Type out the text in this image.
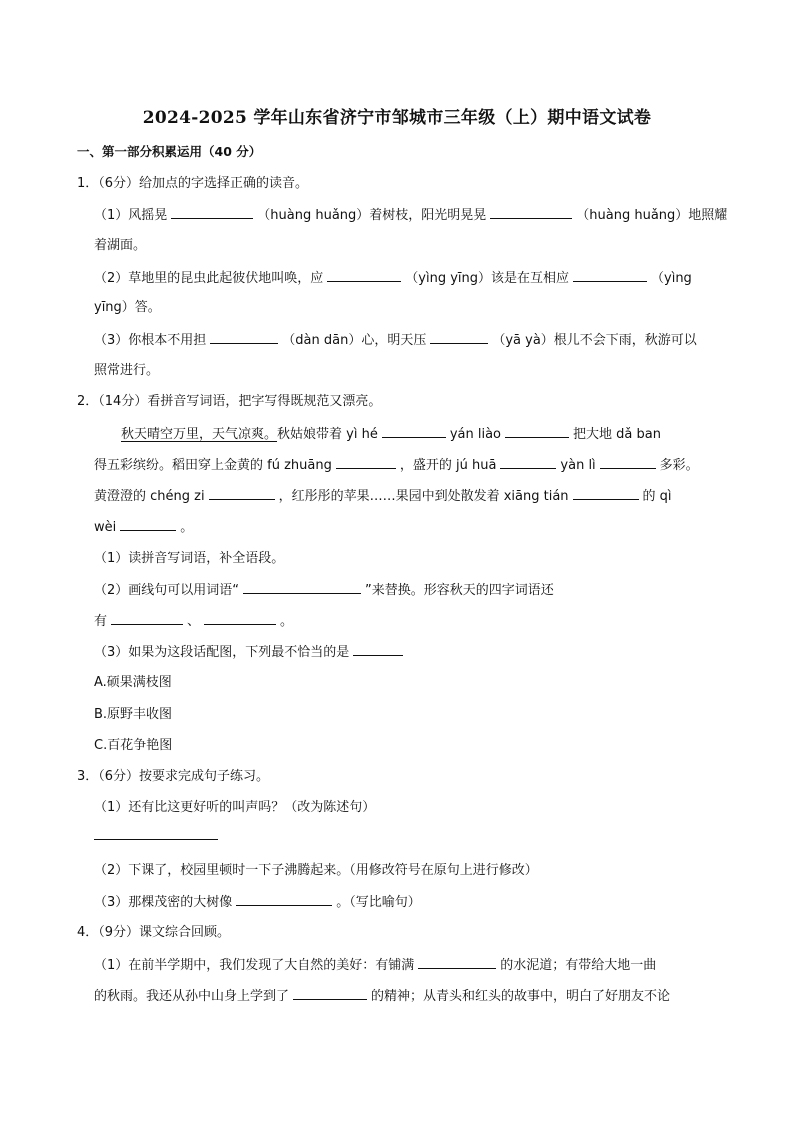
2024-2025 学年山东省济宁市邹城市三年级（上）期中语文试卷
一、第一部分积累运用（40 分）
1．（6分）给加点的字选择正确的读音。
（1）风摇晃	（huàng huǎng）着树枝，阳光明晃晃	（huàng huǎng）地照耀
着湖面。
（2）草地里的昆虫此起彼伏地叫唤，应	（yìng yīng）该是在互相应	（yìng
yīng）答。
（3）你根本不用担	（dàn dān）心，明天压	（yā yà）根儿不会下雨，秋游可以
照常进行。
2．（14分）看拼音写词语，把字写得既规范又漂亮。
秋天晴空万里，天气凉爽。秋姑娘带着 yì hé	yán liào	把大地 dǎ ban
得五彩缤纷。稻田穿上金黄的 fú zhuāng	，盛开的 jú huā	yàn lì	多彩。
黄澄澄的 chéng zi	，红彤彤的苹果……果园中到处散发着 xiāng tián	的 qì
wèi	。
（1）读拼音写词语，补全语段。
（2）画线句可以用词语“	”来替换。形容秋天的四字词语还
有	、	。
（3）如果为这段话配图，下列最不恰当的是
A.硕果满枝图
B.原野丰收图
C.百花争艳图
3．（6分）按要求完成句子练习。
（1）还有比这更好听的叫声吗？（改为陈述句）
（2）下课了，校园里顿时一下子沸腾起来。（用修改符号在原句上进行修改）
（3）那棵茂密的大树像	。（写比喻句）
4．（9分）课文综合回顾。
（1）在前半学期中，我们发现了大自然的美好：有铺满	的水泥道；有带给大地一曲
的秋雨。我还从孙中山身上学到了	的精神；从青头和红头的故事中，明白了好朋友不论
